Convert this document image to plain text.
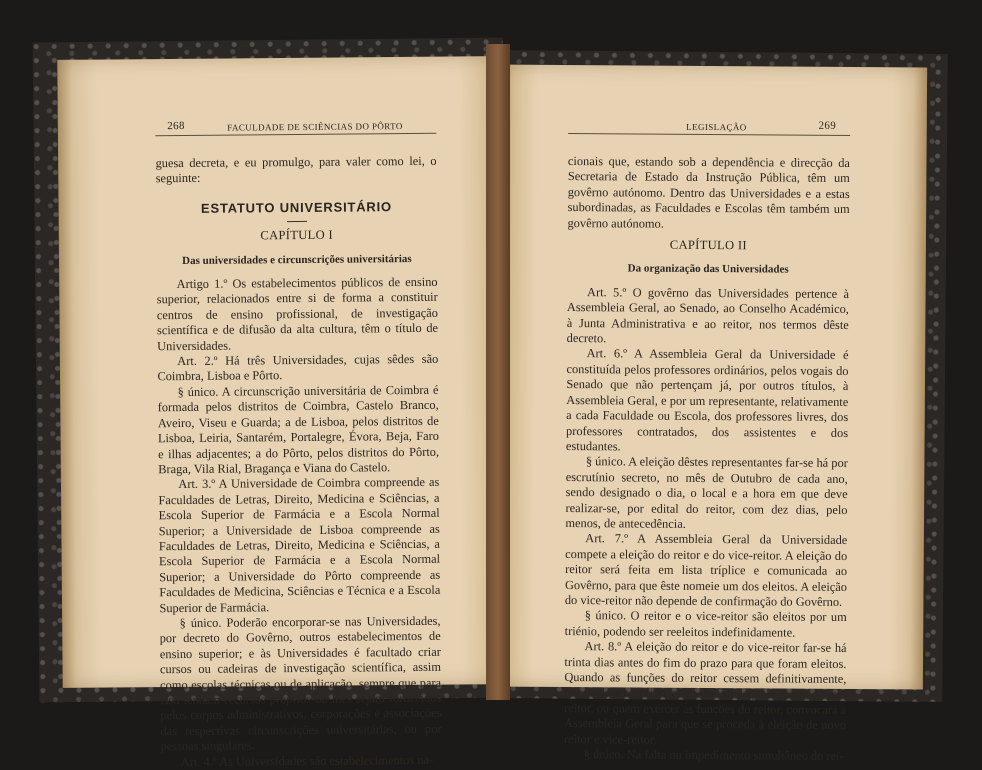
268	FACULDADE DE SCIÊNCIAS DO PÔRTO

guesa decreta, e eu promulgo, para valer como lei, o seguinte:

ESTATUTO UNIVERSITÁRIO
CAPÍTULO I
Das universidades e circunscrições universitárias

Artigo 1.º Os estabelecimentos públicos de ensino superior, relacionados entre si de forma a constituir centros de ensino profissional, de investigação scientífica e de difusão da alta cultura, têm o título de Universidades.

Art. 2.º Há três Universidades, cujas sêdes são Coimbra, Lisboa e Pôrto.

§ único. A circunscrição universitária de Coimbra é formada pelos distritos de Coimbra, Castelo Branco, Aveiro, Viseu e Guarda; a de Lisboa, pelos distritos de Lisboa, Leiria, Santarém, Portalegre, Évora, Beja, Faro e ilhas adjacentes; a do Pôrto, pelos distritos do Pôrto, Braga, Vila Rial, Bragança e Viana do Castelo.

Art. 3.º A Universidade de Coimbra compreende as Faculdades de Letras, Direito, Medicina e Sciências, a Escola Superior de Farmácia e a Escola Normal Superior; a Universidade de Lisboa compreende as Faculdades de Letras, Direito, Medicina e Sciências, a Escola Superior de Farmácia e a Escola Normal Superior; a Universidade do Pôrto compreende as Faculdades de Medicina, Sciências e Técnica e a Escola Superior de Farmácia.

§ único. Poderão encorporar-se nas Universidades, por decreto do Govêrno, outros estabelecimentos de ensino superior; e às Universidades é facultado criar cursos ou cadeiras de investigação scientífica, assim como escolas técnicas ou de aplicação, sempre que para isso tenham recursos próprios ou lhes sejam fornecidos pelos corpos administrativos, corporações e associações das respectivas circunscrições universitárias, ou por pessoas singulares.

Art. 4.º As Universidades são estabelecimentos na-

LEGISLAÇÃO	269

cionais que, estando sob a dependência e direcção da Secretaria de Estado da Instrução Pública, têm um govêrno autónomo. Dentro das Universidades e a estas subordinadas, as Faculdades e Escolas têm também um govêrno autónomo.

CAPÍTULO II
Da organização das Universidades

Art. 5.º O govêrno das Universidades pertence à Assembleia Geral, ao Senado, ao Conselho Académico, à Junta Administrativa e ao reitor, nos termos dêste decreto.

Art. 6.º A Assembleia Geral da Universidade é constituída pelos professores ordinários, pelos vogais do Senado que não pertençam já, por outros títulos, à Assembleia Geral, e por um representante, relativamente a cada Faculdade ou Escola, dos professores livres, dos professores contratados, dos assistentes e dos estudantes.

§ único. A eleição dêstes representantes far-se há por escrutínio secreto, no mês de Outubro de cada ano, sendo designado o dia, o local e a hora em que deve realizar-se, por edital do reitor, com dez dias, pelo menos, de antecedência.

Art. 7.º A Assembleia Geral da Universidade compete a eleição do reitor e do vice-reitor. A eleição do reitor será feita em lista tríplice e comunicada ao Govêrno, para que êste nomeie um dos eleitos. A eleição do vice-reitor não depende de confirmação do Govêrno.

§ único. O reitor e o vice-reitor são eleitos por um triénio, podendo ser reeleitos indefinidamente.

Art. 8.º A eleição do reitor e do vice-reitor far-se há trinta dias antes do fim do prazo para que foram eleitos. Quando as funções do reitor cessem definitivamente, por qualquer motivo, antes do fim daquele prazo, o vice-reitor, ou quem exercer as funções do reitor, convocará a Assembleia Geral para que se proceda à eleição de novo reitor e vice-reitor.

§ único. Na falta ou impedimento simultâneo do rei-
